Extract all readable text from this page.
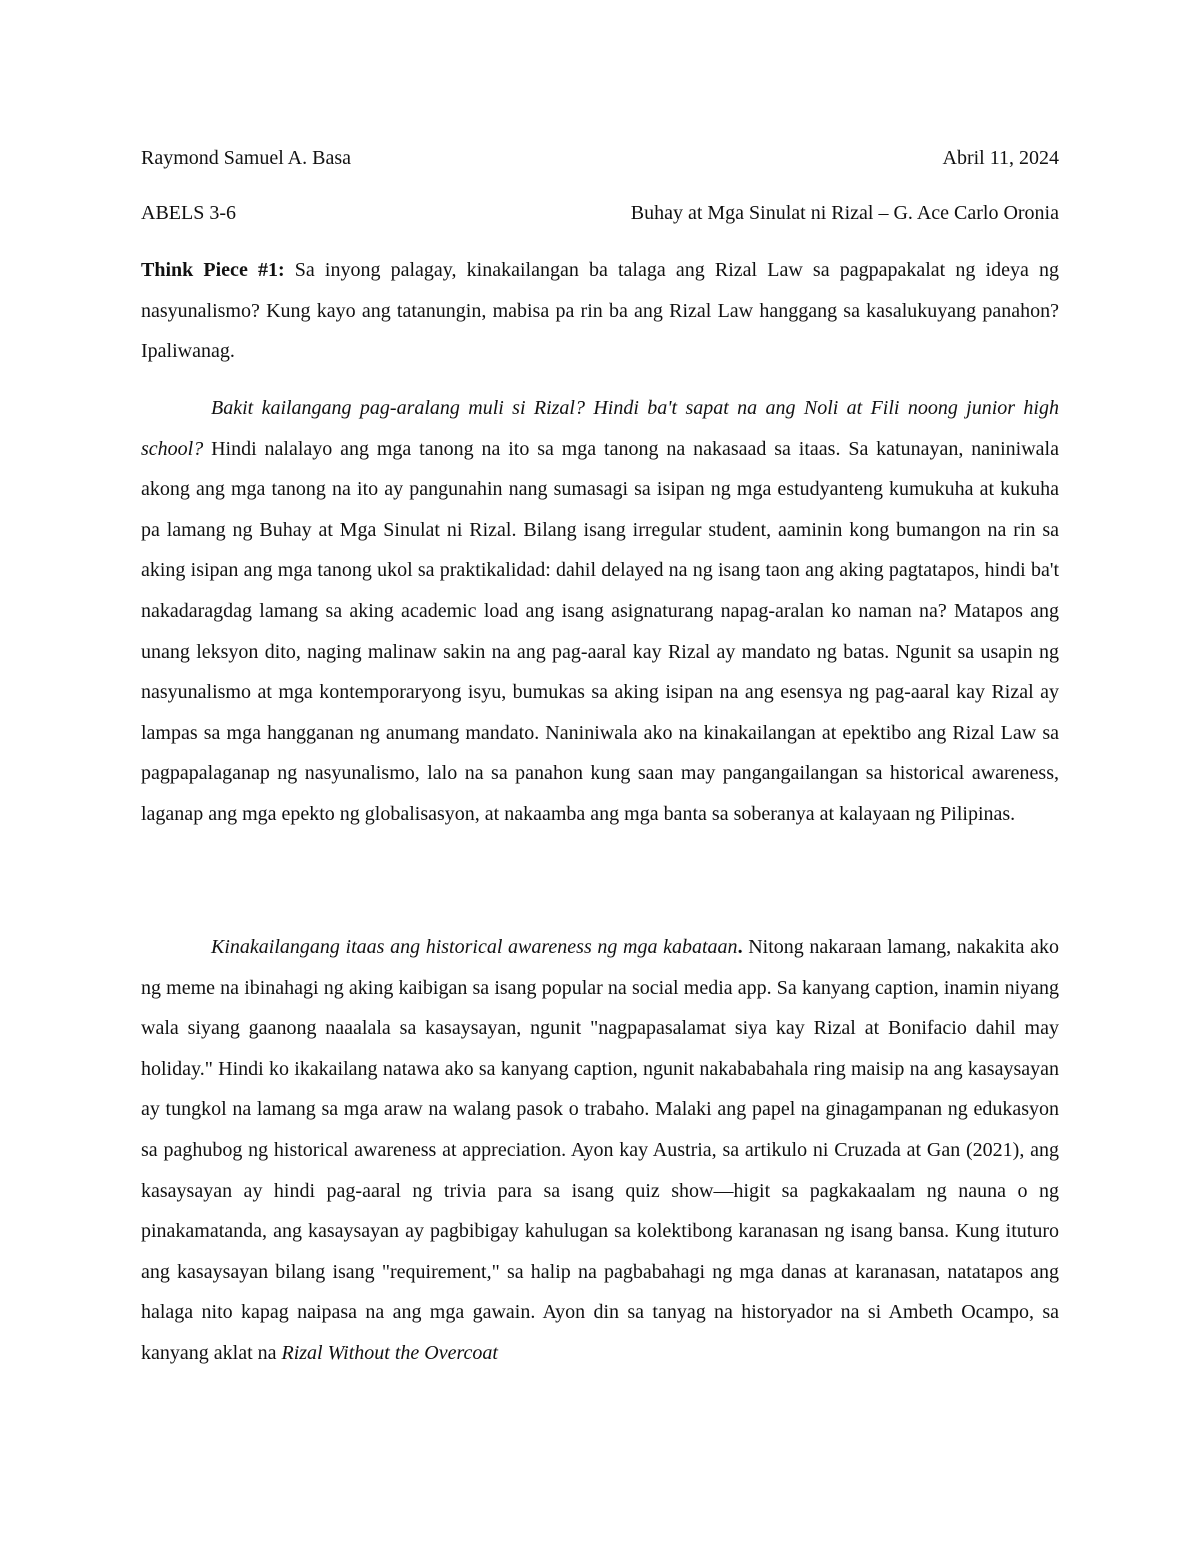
Raymond Samuel A. Basa	Abril 11, 2024
ABELS 3-6	Buhay at Mga Sinulat ni Rizal – G. Ace Carlo Oronia

Think Piece #1: Sa inyong palagay, kinakailangan ba talaga ang Rizal Law sa pagpapakalat ng ideya ng nasyunalismo? Kung kayo ang tatanungin, mabisa pa rin ba ang Rizal Law hanggang sa kasalukuyang panahon? Ipaliwanag.

Bakit kailangang pag-aralang muli si Rizal? Hindi ba't sapat na ang Noli at Fili noong junior high school? Hindi nalalayo ang mga tanong na ito sa mga tanong na nakasaad sa itaas. Sa katunayan, naniniwala akong ang mga tanong na ito ay pangunahin nang sumasagi sa isipan ng mga estudyanteng kumukuha at kukuha pa lamang ng Buhay at Mga Sinulat ni Rizal. Bilang isang irregular student, aaminin kong bumangon na rin sa aking isipan ang mga tanong ukol sa praktikalidad: dahil delayed na ng isang taon ang aking pagtatapos, hindi ba't nakadaragdag lamang sa aking academic load ang isang asignaturang napag-aralan ko naman na? Matapos ang unang leksyon dito, naging malinaw sakin na ang pag-aaral kay Rizal ay mandato ng batas. Ngunit sa usapin ng nasyunalismo at mga kontemporaryong isyu, bumukas sa aking isipan na ang esensya ng pag-aaral kay Rizal ay lampas sa mga hangganan ng anumang mandato. Naniniwala ako na kinakailangan at epektibo ang Rizal Law sa pagpapalaganap ng nasyunalismo, lalo na sa panahon kung saan may pangangailangan sa historical awareness, laganap ang mga epekto ng globalisasyon, at nakaamba ang mga banta sa soberanya at kalayaan ng Pilipinas.

Kinakailangang itaas ang historical awareness ng mga kabataan. Nitong nakaraan lamang, nakakita ako ng meme na ibinahagi ng aking kaibigan sa isang popular na social media app. Sa kanyang caption, inamin niyang wala siyang gaanong naaalala sa kasaysayan, ngunit "nagpapasalamat siya kay Rizal at Bonifacio dahil may holiday." Hindi ko ikakailang natawa ako sa kanyang caption, ngunit nakababahala ring maisip na ang kasaysayan ay tungkol na lamang sa mga araw na walang pasok o trabaho. Malaki ang papel na ginagampanan ng edukasyon sa paghubog ng historical awareness at appreciation. Ayon kay Austria, sa artikulo ni Cruzada at Gan (2021), ang kasaysayan ay hindi pag-aaral ng trivia para sa isang quiz show—higit sa pagkakaalam ng nauna o ng pinakamatanda, ang kasaysayan ay pagbibigay kahulugan sa kolektibong karanasan ng isang bansa. Kung ituturo ang kasaysayan bilang isang "requirement," sa halip na pagbabahagi ng mga danas at karanasan, natatapos ang halaga nito kapag naipasa na ang mga gawain. Ayon din sa tanyag na historyador na si Ambeth Ocampo, sa kanyang aklat na Rizal Without the Overcoat
